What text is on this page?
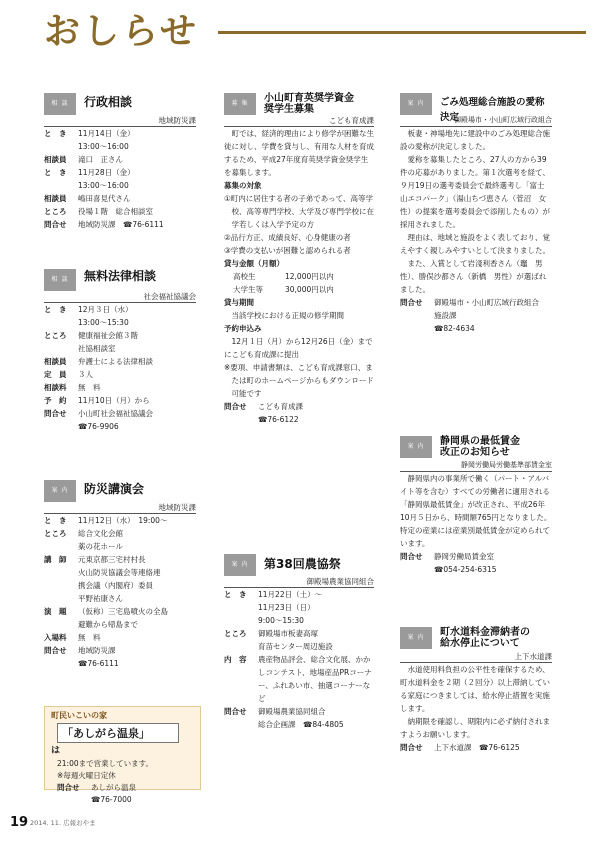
おしらせ
相 談	行政相談
地域防災課
と　き	11月14日（金）
13:00〜16:00
相談員	滝口　正さん
と　き	11月28日（金）
13:00〜16:00
相談員	嶋田喜見代さん
ところ	役場１階　総合相談室
問合せ	地域防災課　☎76-6111
相 談	無料法律相談
社会福祉協議会
と　き	12月３日（水）
13:00〜15:30
ところ	健康福祉会館３階
社協相談室
相談員	弁護士による法律相談
定　員	３人
相談料	無　料
予　約	11月10日（月）から
問合せ	小山町社会福祉協議会
☎76-9906
案 内	防災講演会
地域防災課
と　き	11月12日（水）　19:00〜
ところ	総合文化会館
薬の花ホール
講　師	元東京都三宅村村長
火山防災協議会等連絡連
携会議（内閣府）委員
平野祐康さん
演　題	（仮称）三宅島噴火の全島
避難から帰島まで
入場料	無　料
問合せ	地域防災課
☎76-6111
町民いこいの家
「あしがら温泉」 は
21:00まで営業しています。
※毎週火曜日定休
問合せ	あしがら温泉
☎76-7000
募 集	小山町育英奨学資金
奨学生募集
こども育成課

町では、経済的理由により修学が困難な生徒に対し、学費を貸与し、有用な人材を育成するため、平成27年度育英奨学資金奨学生を募集します。

募集の対象

①町内に居住する者の子弟であって、高等学校、高等専門学校、大学及び専門学校に在学若しくは入学予定の方

②品行方正、成績良好、心身健康の者

③学費の支払いが困難と認められる者

貸与金額（月額）

高校生	12,000円以内
大学生等	30,000円以内

貸与期間

当該学校における正規の修学期間

予約申込み

12月１日（月）から12月26日（金）までにこども育成課に提出

※要項、申請書類は、こども育成課窓口、または町のホームページからもダウンロード可能です

問合せ	こども育成課
☎76-6122
案 内	第38回農協祭
御殿場農業協同組合
と　き	11月22日（土）〜
11月23日（日）
9:00〜15:30
ところ	御殿場市板妻高塚
育苗センター周辺施設
内　容	農産物品評会、総合文化展、かかしコンテスト、地場産品PRコーナー、ふれあい市、抽選コーナーなど
問合せ	御殿場農業協同組合
総合企画課　☎84-4805
案 内	ごみ処理総合施設の愛称決定
御殿場市・小山町広域行政組合

板妻・神場地先に建設中のごみ処理総合施設の愛称が決定しました。

愛称を募集したところ、27人の方から39件の応募がありました。第１次選考を経て、９月19日の選考委員会で最終選考し「富士山エコパーク」（湯山ちづ恵さん（菅沼　女性）の提案を選考委員会で添削したもの）が採用されました。

理由は、地域と施設をよく表しており、覚えやすく親しみやすいとして決まりました。

また、入賞として岩淺利香さん（竈　男性）、勝俣沙都さん（新橋　男性）が選ばれました。

問合せ	御殿場市・小山町広域行政組合　施設課
☎82-4634
案 内	静岡県の最低賃金
改正のお知らせ
静岡労働局労働基準部賃金室

静岡県内の事業所で働く（パート・アルバイト等を含む）すべての労働者に適用される「静岡県最低賃金」が改正され、平成26年10月５日から、時間額765円となりました。特定の産業には産業別最低賃金が定められています。

問合せ	静岡労働局賃金室
☎054-254-6315
案 内	町水道料金滞納者の
給水停止について
上下水道課

水道使用料負担の公平性を確保するため、町水道料金を２期（２回分）以上滞納している家庭につきましては、給水停止措置を実施します。

納期限を確認し、期限内に必ず納付されますようお願いします。

問合せ	上下水道課　☎76-6125
19 2014. 11. 広報おやま
